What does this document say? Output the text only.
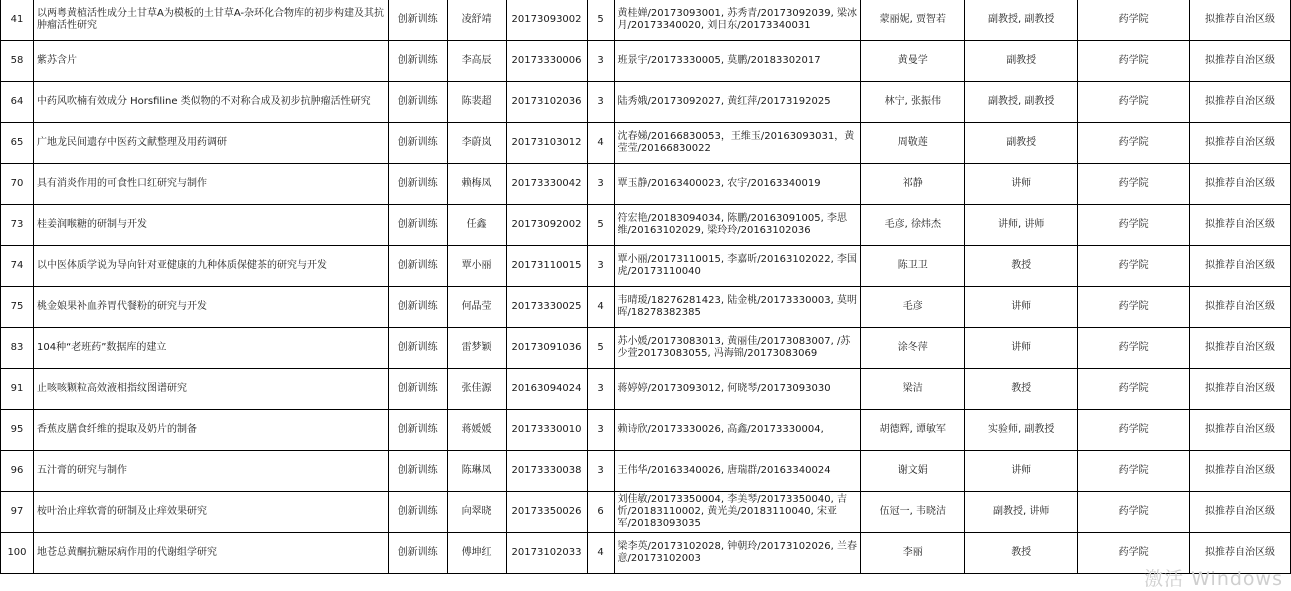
41	以两粤黄植活性成分土甘草A为模板的土甘草A-杂环化合物库的初步构建及其抗肿瘤活性研究	创新训练	凌舒靖	20173093002	5	黄桂婵/20173093001, 苏秀青/20173092039, 梁冰月/20173340020, 刘日东/20173340031	蒙丽妮, 贾智若	副教授, 副教授	药学院	拟推荐自治区级
58	紫苏含片	创新训练	李高辰	20173330006	3	班景宇/20173330005, 莫鹏/20183302017	黄曼学	副教授	药学院	拟推荐自治区级
64	中药风吹楠有效成分 Horsfiline 类似物的不对称合成及初步抗肿瘤活性研究	创新训练	陈裴超	20173102036	3	陆秀娥/20173092027, 黄红萍/20173192025	林宁, 张振伟	副教授, 副教授	药学院	拟推荐自治区级
65	广地龙民间遗存中医药文献整理及用药调研	创新训练	李蔚岚	20173103012	4	沈春娣/20166830053，王维玉/20163093031，黄莹莹/20166830022	周敬莲	副教授	药学院	拟推荐自治区级
70	具有消炎作用的可食性口红研究与制作	创新训练	赖梅凤	20173330042	3	覃玉静/20163400023, 农宇/20163340019	祁静	讲师	药学院	拟推荐自治区级
73	桂姜润喉糖的研制与开发	创新训练	任鑫	20173092002	5	符宏艳/20183094034, 陈鹏/20163091005, 李思维/20163102029, 梁玲玲/20163102036	毛彦, 徐炜杰	讲师, 讲师	药学院	拟推荐自治区级
74	以中医体质学说为导向针对亚健康的九种体质保健茶的研究与开发	创新训练	覃小丽	20173110015	3	覃小丽/20173110015, 李嘉昕/20163102022, 李国虎/20173110040	陈卫卫	教授	药学院	拟推荐自治区级
75	桃金娘果补血养胃代餐粉的研究与开发	创新训练	何晶莹	20173330025	4	韦晴瑷/18276281423, 陆金桃/20173330003, 莫明晖/18278382385	毛彦	讲师	药学院	拟推荐自治区级
83	104种“老班药”数据库的建立	创新训练	雷梦颖	20173091036	5	苏小媛/20173083013, 黄丽佳/20173083007, /苏少萱20173083055, 冯海锦/20173083069	涂冬萍	讲师	药学院	拟推荐自治区级
91	止咳咳颗粒高效液相指纹图谱研究	创新训练	张佳源	20163094024	3	蒋婷婷/20173093012, 何晓琴/20173093030	梁洁	教授	药学院	拟推荐自治区级
95	香蕉皮膳食纤维的提取及奶片的制备	创新训练	蒋媛媛	20173330010	3	赖诗欣/20173330026, 高鑫/20173330004,	胡德辉, 谭敏军	实验师, 副教授	药学院	拟推荐自治区级
96	五汁膏的研究与制作	创新训练	陈琳凤	20173330038	3	王伟华/20163340026, 唐瑞群/20163340024	谢文娟	讲师	药学院	拟推荐自治区级
97	桉叶治止痒软膏的研制及止痒效果研究	创新训练	向翠晓	20173350026	6	刘佳敏/20173350004, 李美琴/20173350040, 吉忻/20183110002, 黄光美/20183110040, 宋亚军/20183093035	伍冠一, 韦晓洁	副教授, 讲师	药学院	拟推荐自治区级
100	地苍总黄酮抗糖尿病作用的代谢组学研究	创新训练	傅坤红	20173102033	4	梁李英/20173102028, 钟朝玲/20173102026, 兰春意/20173102003	李丽	教授	药学院	拟推荐自治区级
激活 Windows
